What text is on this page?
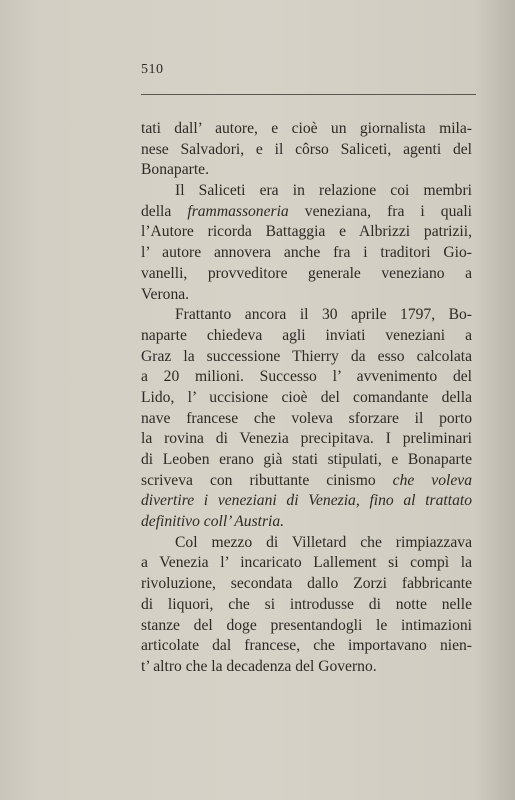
510
tati dall’ autore, e cioè un giornalista mila-
nese Salvadori, e il côrso Saliceti, agenti del
Bonaparte.
Il Saliceti era in relazione coi membri
della frammassoneria veneziana, fra i quali
l’Autore ricorda Battaggia e Albrizzi patrizii,
l’ autore annovera anche fra i traditori Gio-
vanelli, provveditore generale veneziano a
Verona.
Frattanto ancora il 30 aprile 1797, Bo-
naparte chiedeva agli inviati veneziani a
Graz la successione Thierry da esso calcolata
a 20 milioni. Successo l’ avvenimento del
Lido, l’ uccisione cioè del comandante della
nave francese che voleva sforzare il porto
la rovina di Venezia precipitava. I preliminari
di Leoben erano già stati stipulati, e Bonaparte
scriveva con ributtante cinismo che voleva
divertire i veneziani di Venezia, fino al trattato
definitivo coll’ Austria.
Col mezzo di Villetard che rimpiazzava
a Venezia l’ incaricato Lallement si compì la
rivoluzione, secondata dallo Zorzi fabbricante
di liquori, che si introdusse di notte nelle
stanze del doge presentandogli le intimazioni
articolate dal francese, che importavano nien-
t’ altro che la decadenza del Governo.
